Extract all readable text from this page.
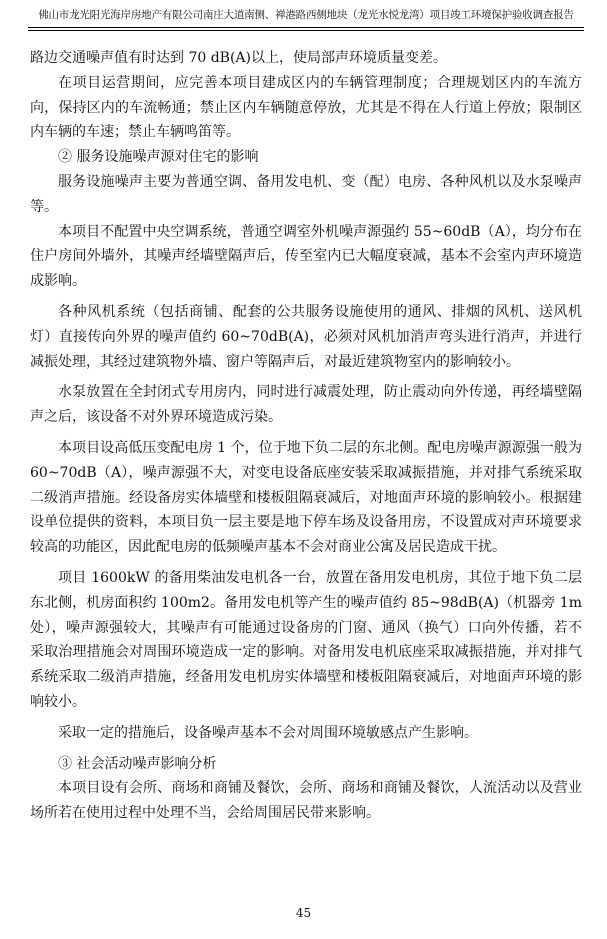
佛山市龙光阳光海岸房地产有限公司南庄大道南侧、禅港路西侧地块（龙光水悦龙湾）项目竣工环境保护验收调查报告

路边交通噪声值有时达到 70 dB(A)以上，使局部声环境质量变差。

在项目运营期间，应完善本项目建成区内的车辆管理制度；合理规划区内的车流方向，保持区内的车流畅通；禁止区内车辆随意停放，尤其是不得在人行道上停放；限制区内车辆的车速；禁止车辆鸣笛等。

② 服务设施噪声源对住宅的影响

服务设施噪声主要为普通空调、备用发电机、变（配）电房、各种风机以及水泵噪声等。

本项目不配置中央空调系统，普通空调室外机噪声源强约 55~60dB（A），均分布在住户房间外墙外，其噪声经墙壁隔声后，传至室内已大幅度衰减，基本不会室内声环境造成影响。

各种风机系统（包括商铺、配套的公共服务设施使用的通风、排烟的风机、送风机灯）直接传向外界的噪声值约 60~70dB(A)，必须对风机加消声弯头进行消声，并进行减振处理，其经过建筑物外墙、窗户等隔声后，对最近建筑物室内的影响较小。

水泵放置在全封闭式专用房内，同时进行减震处理，防止震动向外传递，再经墙壁隔声之后，该设备不对外界环境造成污染。

本项目设高低压变配电房 1 个，位于地下负二层的东北侧。配电房噪声源源强一般为 60~70dB（A），噪声源强不大，对变电设备底座安装采取减振措施，并对排气系统采取二级消声措施。经设备房实体墙壁和楼板阻隔衰减后，对地面声环境的影响较小。根据建设单位提供的资料，本项目负一层主要是地下停车场及设备用房，不设置成对声环境要求较高的功能区，因此配电房的低频噪声基本不会对商业公寓及居民造成干扰。

项目 1600kW 的备用柴油发电机各一台，放置在备用发电机房，其位于地下负二层东北侧，机房面积约 100m2。备用发电机等产生的噪声值约 85~98dB(A)（机器旁 1m 处），噪声源强较大，其噪声有可能通过设备房的门窗、通风（换气）口向外传播，若不采取治理措施会对周围环境造成一定的影响。对备用发电机底座采取减振措施，并对排气系统采取二级消声措施，经备用发电机房实体墙壁和楼板阻隔衰减后，对地面声环境的影响较小。

采取一定的措施后，设备噪声基本不会对周围环境敏感点产生影响。

③ 社会活动噪声影响分析

本项目设有会所、商场和商铺及餐饮，会所、商场和商铺及餐饮，人流活动以及营业场所若在使用过程中处理不当，会给周围居民带来影响。

45
